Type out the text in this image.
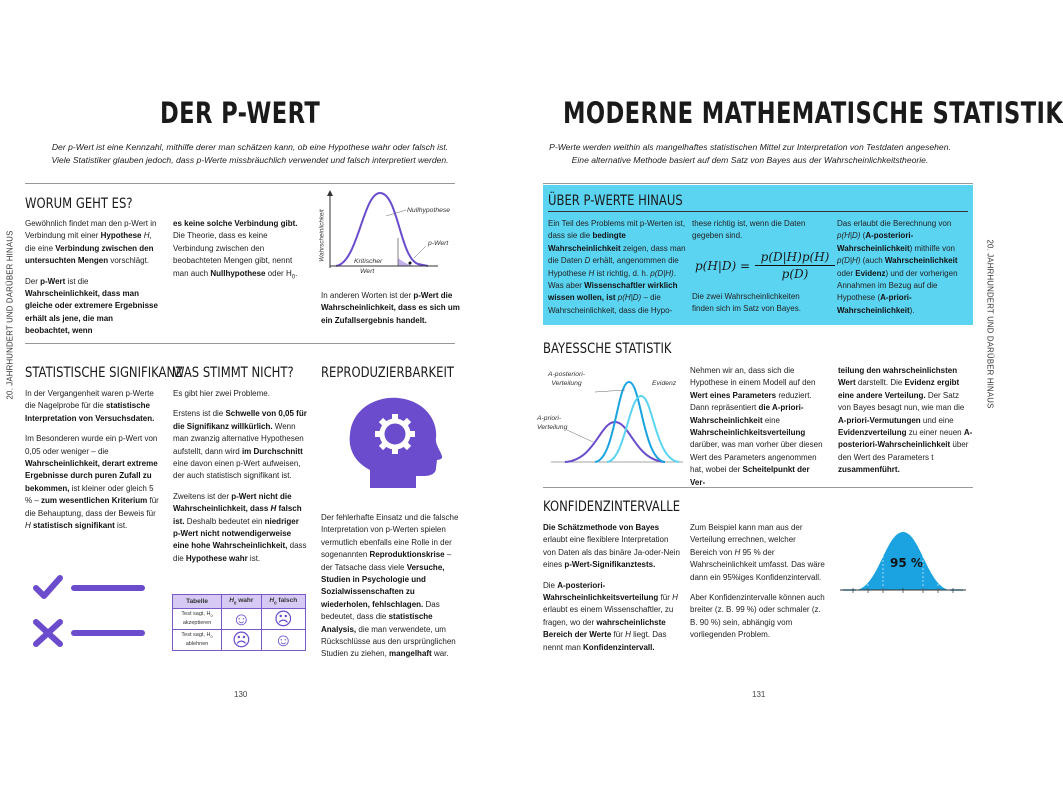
DER P-WERT
Der p-Wert ist eine Kennzahl, mithilfe derer man schätzen kann, ob eine Hypothese wahr oder falsch ist.
Viele Statistiker glauben jedoch, dass p-Werte missbräuchlich verwendet und falsch interpretiert werden.
WORUM GEHT ES?

Gewöhnlich findet man den p-Wert in Verbindung mit einer Hypothese H, die eine Verbindung zwischen den untersuchten Mengen vorschlägt.

Der p-Wert ist die Wahrscheinlichkeit, dass man gleiche oder extremere Ergebnisse erhält als jene, die man beobachtet, wenn

es keine solche Verbindung gibt. Die Theorie, dass es keine Verbindung zwischen den beobachteten Mengen gibt, nennt man auch Nullhypothese oder $H_0$.

Wahrscheinlichkeit	Nullhypothese
p-Wert
Kritischer
Wert

In anderen Worten ist der p-Wert die Wahrscheinlichkeit, dass es sich um ein Zufallsergebnis handelt.

STATISTISCHE SIGNIFIKANZ

In der Vergangenheit waren p-Werte die Nagelprobe für die statistische Interpretation von Versuchsdaten.

Im Besonderen wurde ein p-Wert von 0,05 oder weniger – die Wahrscheinlichkeit, derart extreme Ergebnisse durch puren Zufall zu bekommen, ist kleiner oder gleich 5 % – zum wesentlichen Kriterium für die Behauptung, dass der Beweis für H statistisch signifikant ist.

WAS STIMMT NICHT?

Es gibt hier zwei Probleme.

Erstens ist die Schwelle von 0,05 für die Signifikanz willkürlich. Wenn man zwanzig alternative Hypothesen aufstellt, dann wird im Durchschnitt eine davon einen p-Wert aufweisen, der auch statistisch signifikant ist.

Zweitens ist der p-Wert nicht die Wahrscheinlichkeit, dass H falsch ist. Deshalb bedeutet ein niedriger p-Wert nicht notwendigerweise eine hohe Wahrscheinlichkeit, dass die Hypothese wahr ist.

REPRODUZIERBARKEIT

Der fehlerhafte Einsatz und die falsche Interpretation von p-Werten spielen vermutlich ebenfalls eine Rolle in der sogenannten Reproduktionskrise – der Tatsache dass viele Versuche, Studien in Psychologie und Sozialwissenschaften zu wiederholen, fehlschlagen. Das bedeutet, dass die statistische Analysis, die man verwendete, um Rückschlüsse aus den ursprünglichen Studien zu ziehen, mangelhaft war.

Tabelle	$H_0$ wahr	$H_0$ falsch
Test sagt, $H_0$
akzeptieren	☺	☹
Test sagt, $H_0$
ablehnen	☹	☺
130
20. JAHRHUNDERT UND DARÜBER HINAUS
MODERNE MATHEMATISCHE STATISTIK
P-Werte werden weithin als mangelhaftes statistischen Mittel zur Interpretation von Testdaten angesehen.
Eine alternative Methode basiert auf dem Satz von Bayes aus der Wahrscheinlichkeitstheorie.
ÜBER P-WERTE HINAUS

Ein Teil des Problems mit p-Werten ist, dass sie die bedingte Wahrscheinlichkeit zeigen, dass man die Daten D erhält, angenommen die Hypothese H ist richtig, d. h. p(D|H). Was aber Wissenschaftler wirklich wissen wollen, ist p(H|D) – die Wahrscheinlichkeit, dass die Hypo-

these richtig ist, wenn die Daten gegeben sind.
$p(H|D) = \frac{p(D|H)p(H)}{p(D)}$
Die zwei Wahrscheinlichkeiten finden sich im Satz von Bayes.

Das erlaubt die Berechnung von p(H|D) (A-posteriori-Wahrscheinlichkeit) mithilfe von p(D|H) (auch Wahrscheinlichkeit oder Evidenz) und der vorherigen Annahmen im Bezug auf die Hypothese (A-priori-Wahrscheinlichkeit).

BAYESSCHE STATISTIK
A-posteriori-
Verteilung	Evidenz
A-priori-
Verteilung

Nehmen wir an, dass sich die Hypothese in einem Modell auf den Wert eines Parameters reduziert. Dann repräsentiert die A-priori-Wahrscheinlichkeit eine Wahrscheinlichkeitsverteilung darüber, was man vorher über diesen Wert des Parameters angenommen hat, wobei der Scheitelpunkt der Ver-

teilung den wahrscheinlichsten Wert darstellt. Die Evidenz ergibt eine andere Verteilung. Der Satz von Bayes besagt nun, wie man die A-priori-Vermutungen und eine Evidenzverteilung zu einer neuen A-posteriori-Wahrscheinlichkeit über den Wert des Parameters t zusammenführt.

KONFIDENZINTERVALLE

Die Schätzmethode von Bayes erlaubt eine flexiblere Interpretation von Daten als das binäre Ja-oder-Nein eines p-Wert-Signifikanztests.

Die A-posteriori-Wahrscheinlichkeitsverteilung für H erlaubt es einem Wissenschaftler, zu fragen, wo der wahrscheinlichste Bereich der Werte für H liegt. Das nennt man Konfidenzintervall.

Zum Beispiel kann man aus der Verteilung errechnen, welcher Bereich von H 95 % der Wahrscheinlichkeit umfasst. Das wäre dann ein 95%iges Konfidenzintervall.

Aber Konfidenzintervalle können auch breiter (z. B. 99 %) oder schmaler (z. B. 90 %) sein, abhängig vom vorliegenden Problem.

95 %
131
20. JAHRHUNDERT UND DARÜBER HINAUS
